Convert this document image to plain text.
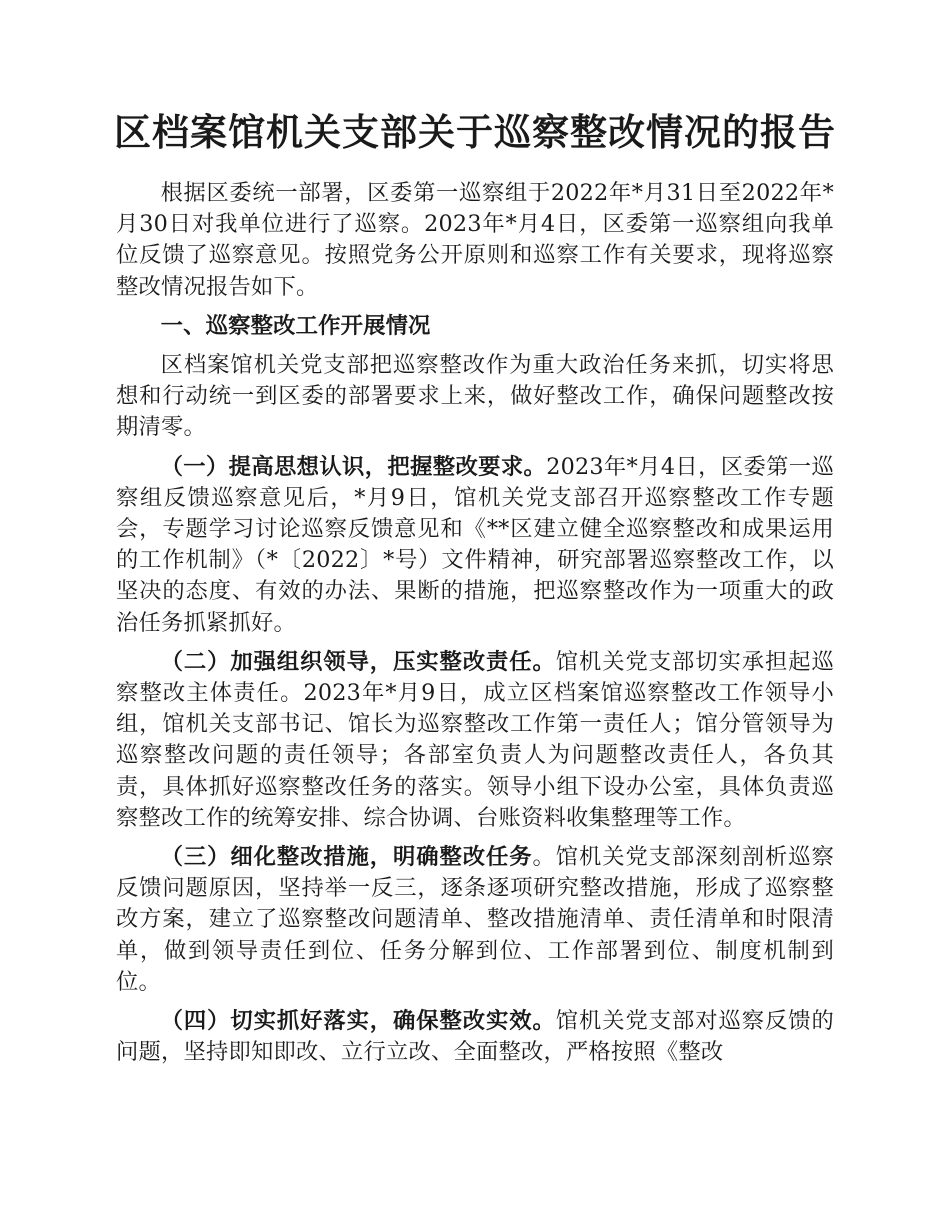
区档案馆机关支部关于巡察整改情况的报告

根据区委统一部署，区委第一巡察组于2022年*月31日至2022年*月30日对我单位进行了巡察。2023年*月4日，区委第一巡察组向我单位反馈了巡察意见。按照党务公开原则和巡察工作有关要求，现将巡察整改情况报告如下。

一、巡察整改工作开展情况

区档案馆机关党支部把巡察整改作为重大政治任务来抓，切实将思想和行动统一到区委的部署要求上来，做好整改工作，确保问题整改按期清零。

（一）提高思想认识，把握整改要求。2023年*月4日，区委第一巡察组反馈巡察意见后，*月9日，馆机关党支部召开巡察整改工作专题会，专题学习讨论巡察反馈意见和《**区建立健全巡察整改和成果运用的工作机制》（*〔2022〕*号）文件精神，研究部署巡察整改工作，以坚决的态度、有效的办法、果断的措施，把巡察整改作为一项重大的政治任务抓紧抓好。

（二）加强组织领导，压实整改责任。馆机关党支部切实承担起巡察整改主体责任。2023年*月9日，成立区档案馆巡察整改工作领导小组，馆机关支部书记、馆长为巡察整改工作第一责任人；馆分管领导为巡察整改问题的责任领导；各部室负责人为问题整改责任人，各负其责，具体抓好巡察整改任务的落实。领导小组下设办公室，具体负责巡察整改工作的统筹安排、综合协调、台账资料收集整理等工作。

（三）细化整改措施，明确整改任务。馆机关党支部深刻剖析巡察反馈问题原因，坚持举一反三，逐条逐项研究整改措施，形成了巡察整改方案，建立了巡察整改问题清单、整改措施清单、责任清单和时限清单，做到领导责任到位、任务分解到位、工作部署到位、制度机制到位。

（四）切实抓好落实，确保整改实效。馆机关党支部对巡察反馈的问题，坚持即知即改、立行立改、全面整改，严格按照《整改
